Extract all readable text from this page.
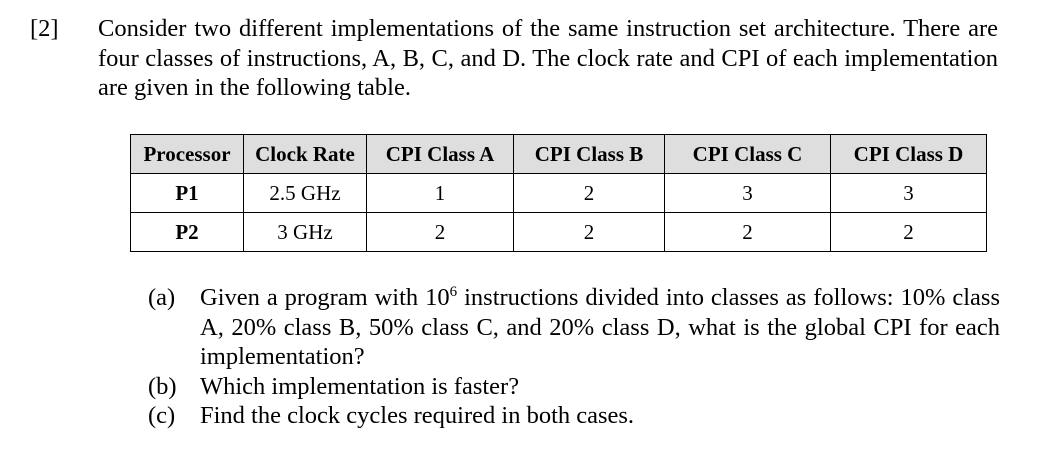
[2]	Consider two different implementations of the same instruction set architecture. There are four classes of instructions, A, B, C, and D. The clock rate and CPI of each implementation are given in the following table.
Processor	Clock Rate	CPI Class A	CPI Class B	CPI Class C	CPI Class D
P1	2.5 GHz	1	2	3	3
P2	3 GHz	2	2	2	2
(a)	Given a program with $10^6$ instructions divided into classes as follows: 10% class A, 20% class B, 50% class C, and 20% class D, what is the global CPI for each implementation?
(b) Which implementation is faster?
(c)	Find the clock cycles required in both cases.
